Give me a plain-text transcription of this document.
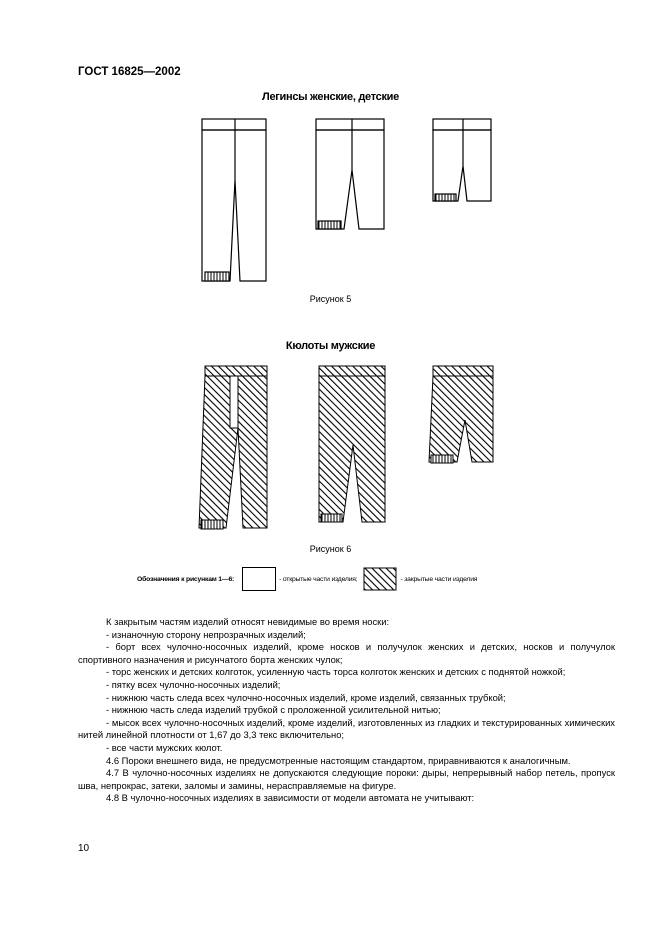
ГОСТ 16825—2002
Легинсы женские, детские
Рисунок 5
Кюлоты мужские
Рисунок 6
Обозначения к рисункам 1—6:	- открытые части изделия;	- закрытые части изделия

К закрытым частям изделий относят невидимые во время носки:

- изнаночную сторону непрозрачных изделий;

- борт всех чулочно-носочных изделий, кроме носков и получулок женских и детских, носков и получулок спортивного назначения и рисунчатого борта женских чулок;

- торс женских и детских колготок, усиленную часть торса колготок женских и детских с поднятой ножкой;

- пятку всех чулочно-носочных изделий;

- нижнюю часть следа всех чулочно-носочных изделий, кроме изделий, связанных трубкой;

- нижнюю часть следа изделий трубкой с проложенной усилительной нитью;

- мысок всех чулочно-носочных изделий, кроме изделий, изготовленных из гладких и текстурированных химических нитей линейной плотности от 1,67 до 3,3 текс включительно;

- все части мужских кюлот.

4.6 Пороки внешнего вида, не предусмотренные настоящим стандартом, приравниваются к аналогичным.

4.7 В чулочно-носочных изделиях не допускаются следующие пороки: дыры, непрерывный набор петель, пропуск шва, непрокрас, затеки, заломы и замины, нерасправляемые на фигуре.

4.8 В чулочно-носочных изделиях в зависимости от модели автомата не учитывают:

10
